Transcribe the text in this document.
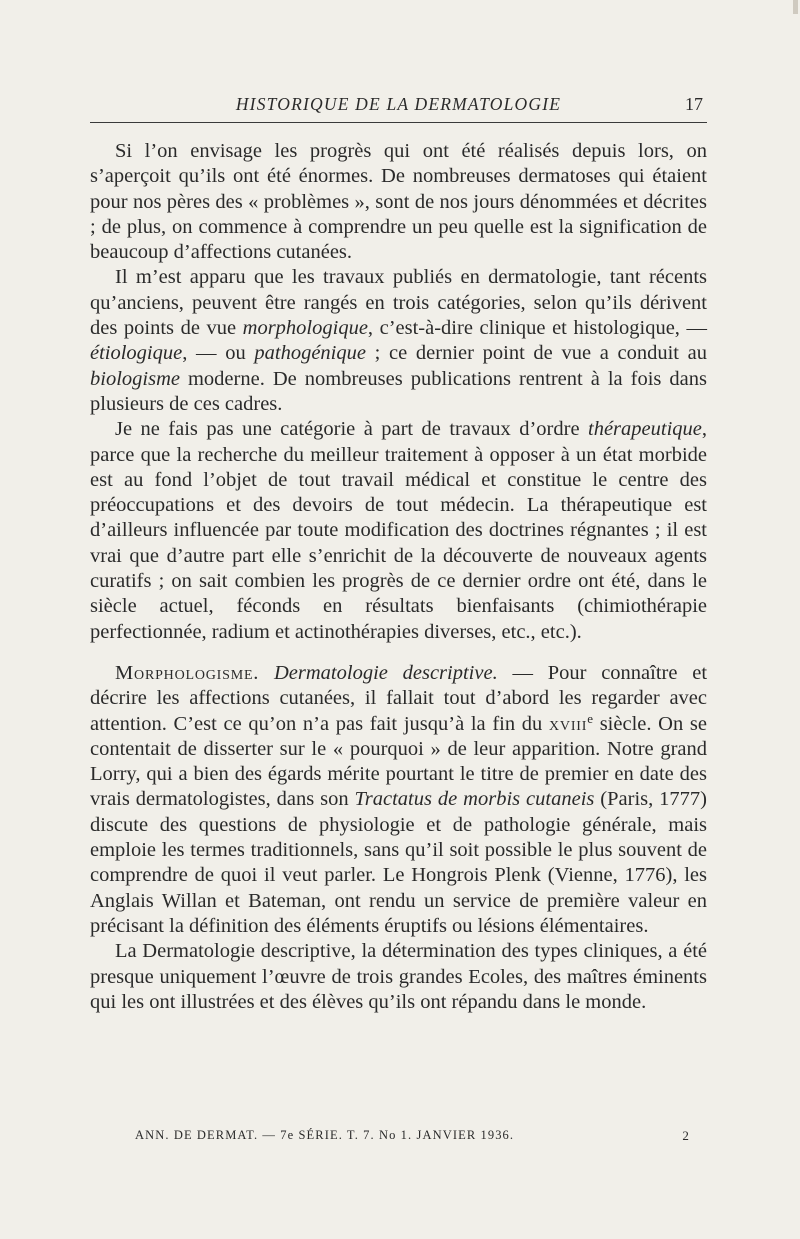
HISTORIQUE DE LA DERMATOLOGIE	17

Si l’on envisage les progrès qui ont été réalisés depuis lors, on s’aperçoit qu’ils ont été énormes. De nombreuses dermatoses qui étaient pour nos pères des « problèmes », sont de nos jours dénommées et décrites ; de plus, on commence à comprendre un peu quelle est la signification de beaucoup d’affections cutanées.

Il m’est apparu que les travaux publiés en dermatologie, tant récents qu’anciens, peuvent être rangés en trois catégories, selon qu’ils dérivent des points de vue morphologique, c’est-à-dire clinique et histologique, — étiologique, — ou pathogénique ; ce dernier point de vue a conduit au biologisme moderne. De nombreuses publications rentrent à la fois dans plusieurs de ces cadres.

Je ne fais pas une catégorie à part de travaux d’ordre thérapeutique, parce que la recherche du meilleur traitement à opposer à un état morbide est au fond l’objet de tout travail médical et constitue le centre des préoccupations et des devoirs de tout médecin. La thérapeutique est d’ailleurs influencée par toute modification des doctrines régnantes ; il est vrai que d’autre part elle s’enrichit de la découverte de nouveaux agents curatifs ; on sait combien les progrès de ce dernier ordre ont été, dans le siècle actuel, féconds en résultats bienfaisants (chimiothérapie perfectionnée, radium et actinothérapies diverses, etc., etc.).

Morphologisme. Dermatologie descriptive. — Pour connaître et décrire les affections cutanées, il fallait tout d’abord les regarder avec attention. C’est ce qu’on n’a pas fait jusqu’à la fin du xviii$^e$ siècle. On se contentait de disserter sur le « pourquoi » de leur apparition. Notre grand Lorry, qui a bien des égards mérite pourtant le titre de premier en date des vrais dermatologistes, dans son Tractatus de morbis cutaneis (Paris, 1777) discute des questions de physiologie et de pathologie générale, mais emploie les termes traditionnels, sans qu’il soit possible le plus souvent de comprendre de quoi il veut parler. Le Hongrois Plenk (Vienne, 1776), les Anglais Willan et Bateman, ont rendu un service de première valeur en précisant la définition des éléments éruptifs ou lésions élémentaires.

La Dermatologie descriptive, la détermination des types cliniques, a été presque uniquement l’œuvre de trois grandes Ecoles, des maîtres éminents qui les ont illustrées et des élèves qu’ils ont répandu dans le monde.

ANN. DE DERMAT. — 7e SÉRIE. T. 7. No 1. JANVIER 1936.	2
